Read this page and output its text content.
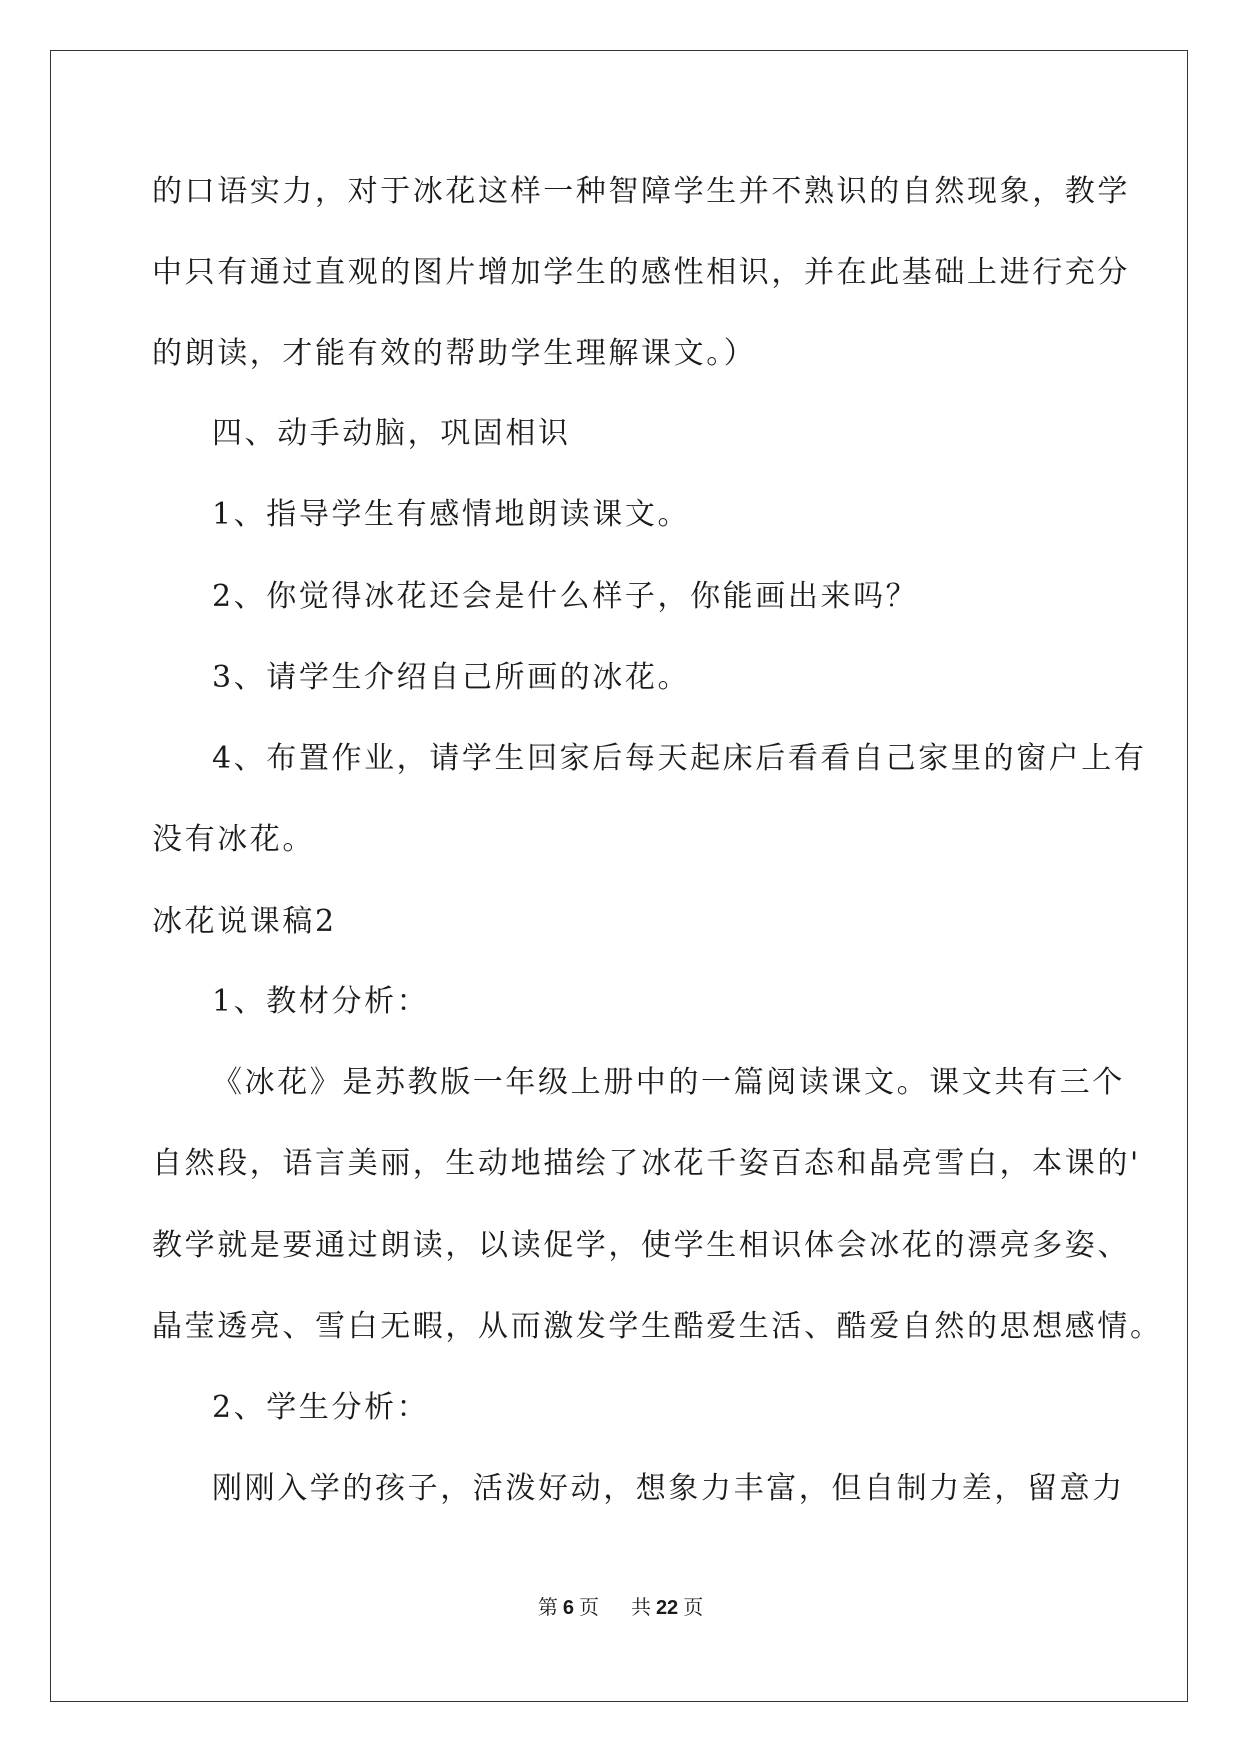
的口语实力，对于冰花这样一种智障学生并不熟识的自然现象，教学
中只有通过直观的图片增加学生的感性相识，并在此基础上进行充分
的朗读，才能有效的帮助学生理解课文。）
四、动手动脑，巩固相识
1、指导学生有感情地朗读课文。
2、你觉得冰花还会是什么样子，你能画出来吗？
3、请学生介绍自己所画的冰花。
4、布置作业，请学生回家后每天起床后看看自己家里的窗户上有
没有冰花。
冰花说课稿2
1、教材分析：
《冰花》是苏教版一年级上册中的一篇阅读课文。课文共有三个
自然段，语言美丽，生动地描绘了冰花千姿百态和晶亮雪白，本课的'
教学就是要通过朗读，以读促学，使学生相识体会冰花的漂亮多姿、
晶莹透亮、雪白无暇，从而激发学生酷爱生活、酷爱自然的思想感情。
2、学生分析：
刚刚入学的孩子，活泼好动，想象力丰富，但自制力差，留意力
第 6 页 共 22 页
